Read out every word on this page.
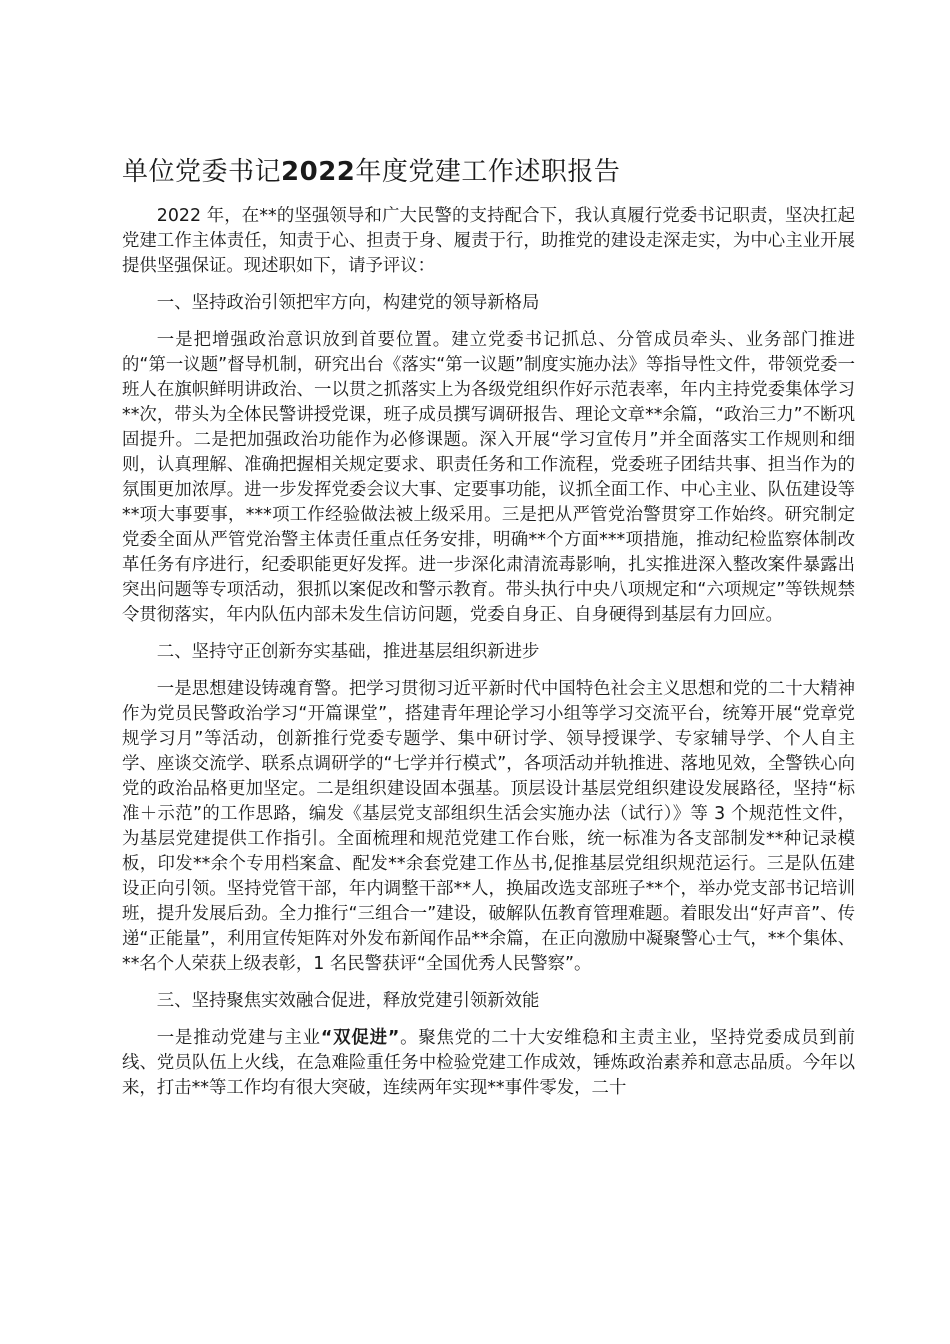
单位党委书记2022年度党建工作述职报告

2022 年，在**的坚强领导和广大民警的支持配合下，我认真履行党委书记职责，坚决扛起党建工作主体责任，知责于心、担责于身、履责于行，助推党的建设走深走实，为中心主业开展提供坚强保证。现述职如下，请予评议：

一、坚持政治引领把牢方向，构建党的领导新格局

一是把增强政治意识放到首要位置。建立党委书记抓总、分管成员牵头、业务部门推进的“第一议题”督导机制，研究出台《落实“第一议题”制度实施办法》等指导性文件，带领党委一班人在旗帜鲜明讲政治、一以贯之抓落实上为各级党组织作好示范表率，年内主持党委集体学习**次，带头为全体民警讲授党课，班子成员撰写调研报告、理论文章**余篇，“政治三力”不断巩固提升。二是把加强政治功能作为必修课题。深入开展“学习宣传月”并全面落实工作规则和细则，认真理解、准确把握相关规定要求、职责任务和工作流程，党委班子团结共事、担当作为的氛围更加浓厚。进一步发挥党委会议大事、定要事功能，议抓全面工作、中心主业、队伍建设等**项大事要事，***项工作经验做法被上级采用。三是把从严管党治警贯穿工作始终。研究制定党委全面从严管党治警主体责任重点任务安排，明确**个方面***项措施，推动纪检监察体制改革任务有序进行，纪委职能更好发挥。进一步深化肃清流毒影响，扎实推进深入整改案件暴露出突出问题等专项活动，狠抓以案促改和警示教育。带头执行中央八项规定和“六项规定”等铁规禁令贯彻落实，年内队伍内部未发生信访问题，党委自身正、自身硬得到基层有力回应。

二、坚持守正创新夯实基础，推进基层组织新进步

一是思想建设铸魂育警。把学习贯彻习近平新时代中国特色社会主义思想和党的二十大精神作为党员民警政治学习“开篇课堂”，搭建青年理论学习小组等学习交流平台，统筹开展“党章党规学习月”等活动，创新推行党委专题学、集中研讨学、领导授课学、专家辅导学、个人自主学、座谈交流学、联系点调研学的“七学并行模式”，各项活动并轨推进、落地见效，全警铁心向党的政治品格更加坚定。二是组织建设固本强基。顶层设计基层党组织建设发展路径，坚持“标准＋示范”的工作思路，编发《基层党支部组织生活会实施办法（试行）》等 3 个规范性文件，为基层党建提供工作指引。全面梳理和规范党建工作台账，统一标准为各支部制发**种记录模板，印发**余个专用档案盒、配发**余套党建工作丛书,促推基层党组织规范运行。三是队伍建设正向引领。坚持党管干部，年内调整干部**人，换届改选支部班子**个，举办党支部书记培训班，提升发展后劲。全力推行“三组合一”建设，破解队伍教育管理难题。着眼发出“好声音”、传递“正能量”，利用宣传矩阵对外发布新闻作品**余篇，在正向激励中凝聚警心士气，**个集体、**名个人荣获上级表彰，1 名民警获评“全国优秀人民警察”。

三、坚持聚焦实效融合促进，释放党建引领新效能

一是推动党建与主业“双促进”。聚焦党的二十大安维稳和主责主业，坚持党委成员到前线、党员队伍上火线，在急难险重任务中检验党建工作成效，锤炼政治素养和意志品质。今年以来，打击**等工作均有很大突破，连续两年实现**事件零发，二十
